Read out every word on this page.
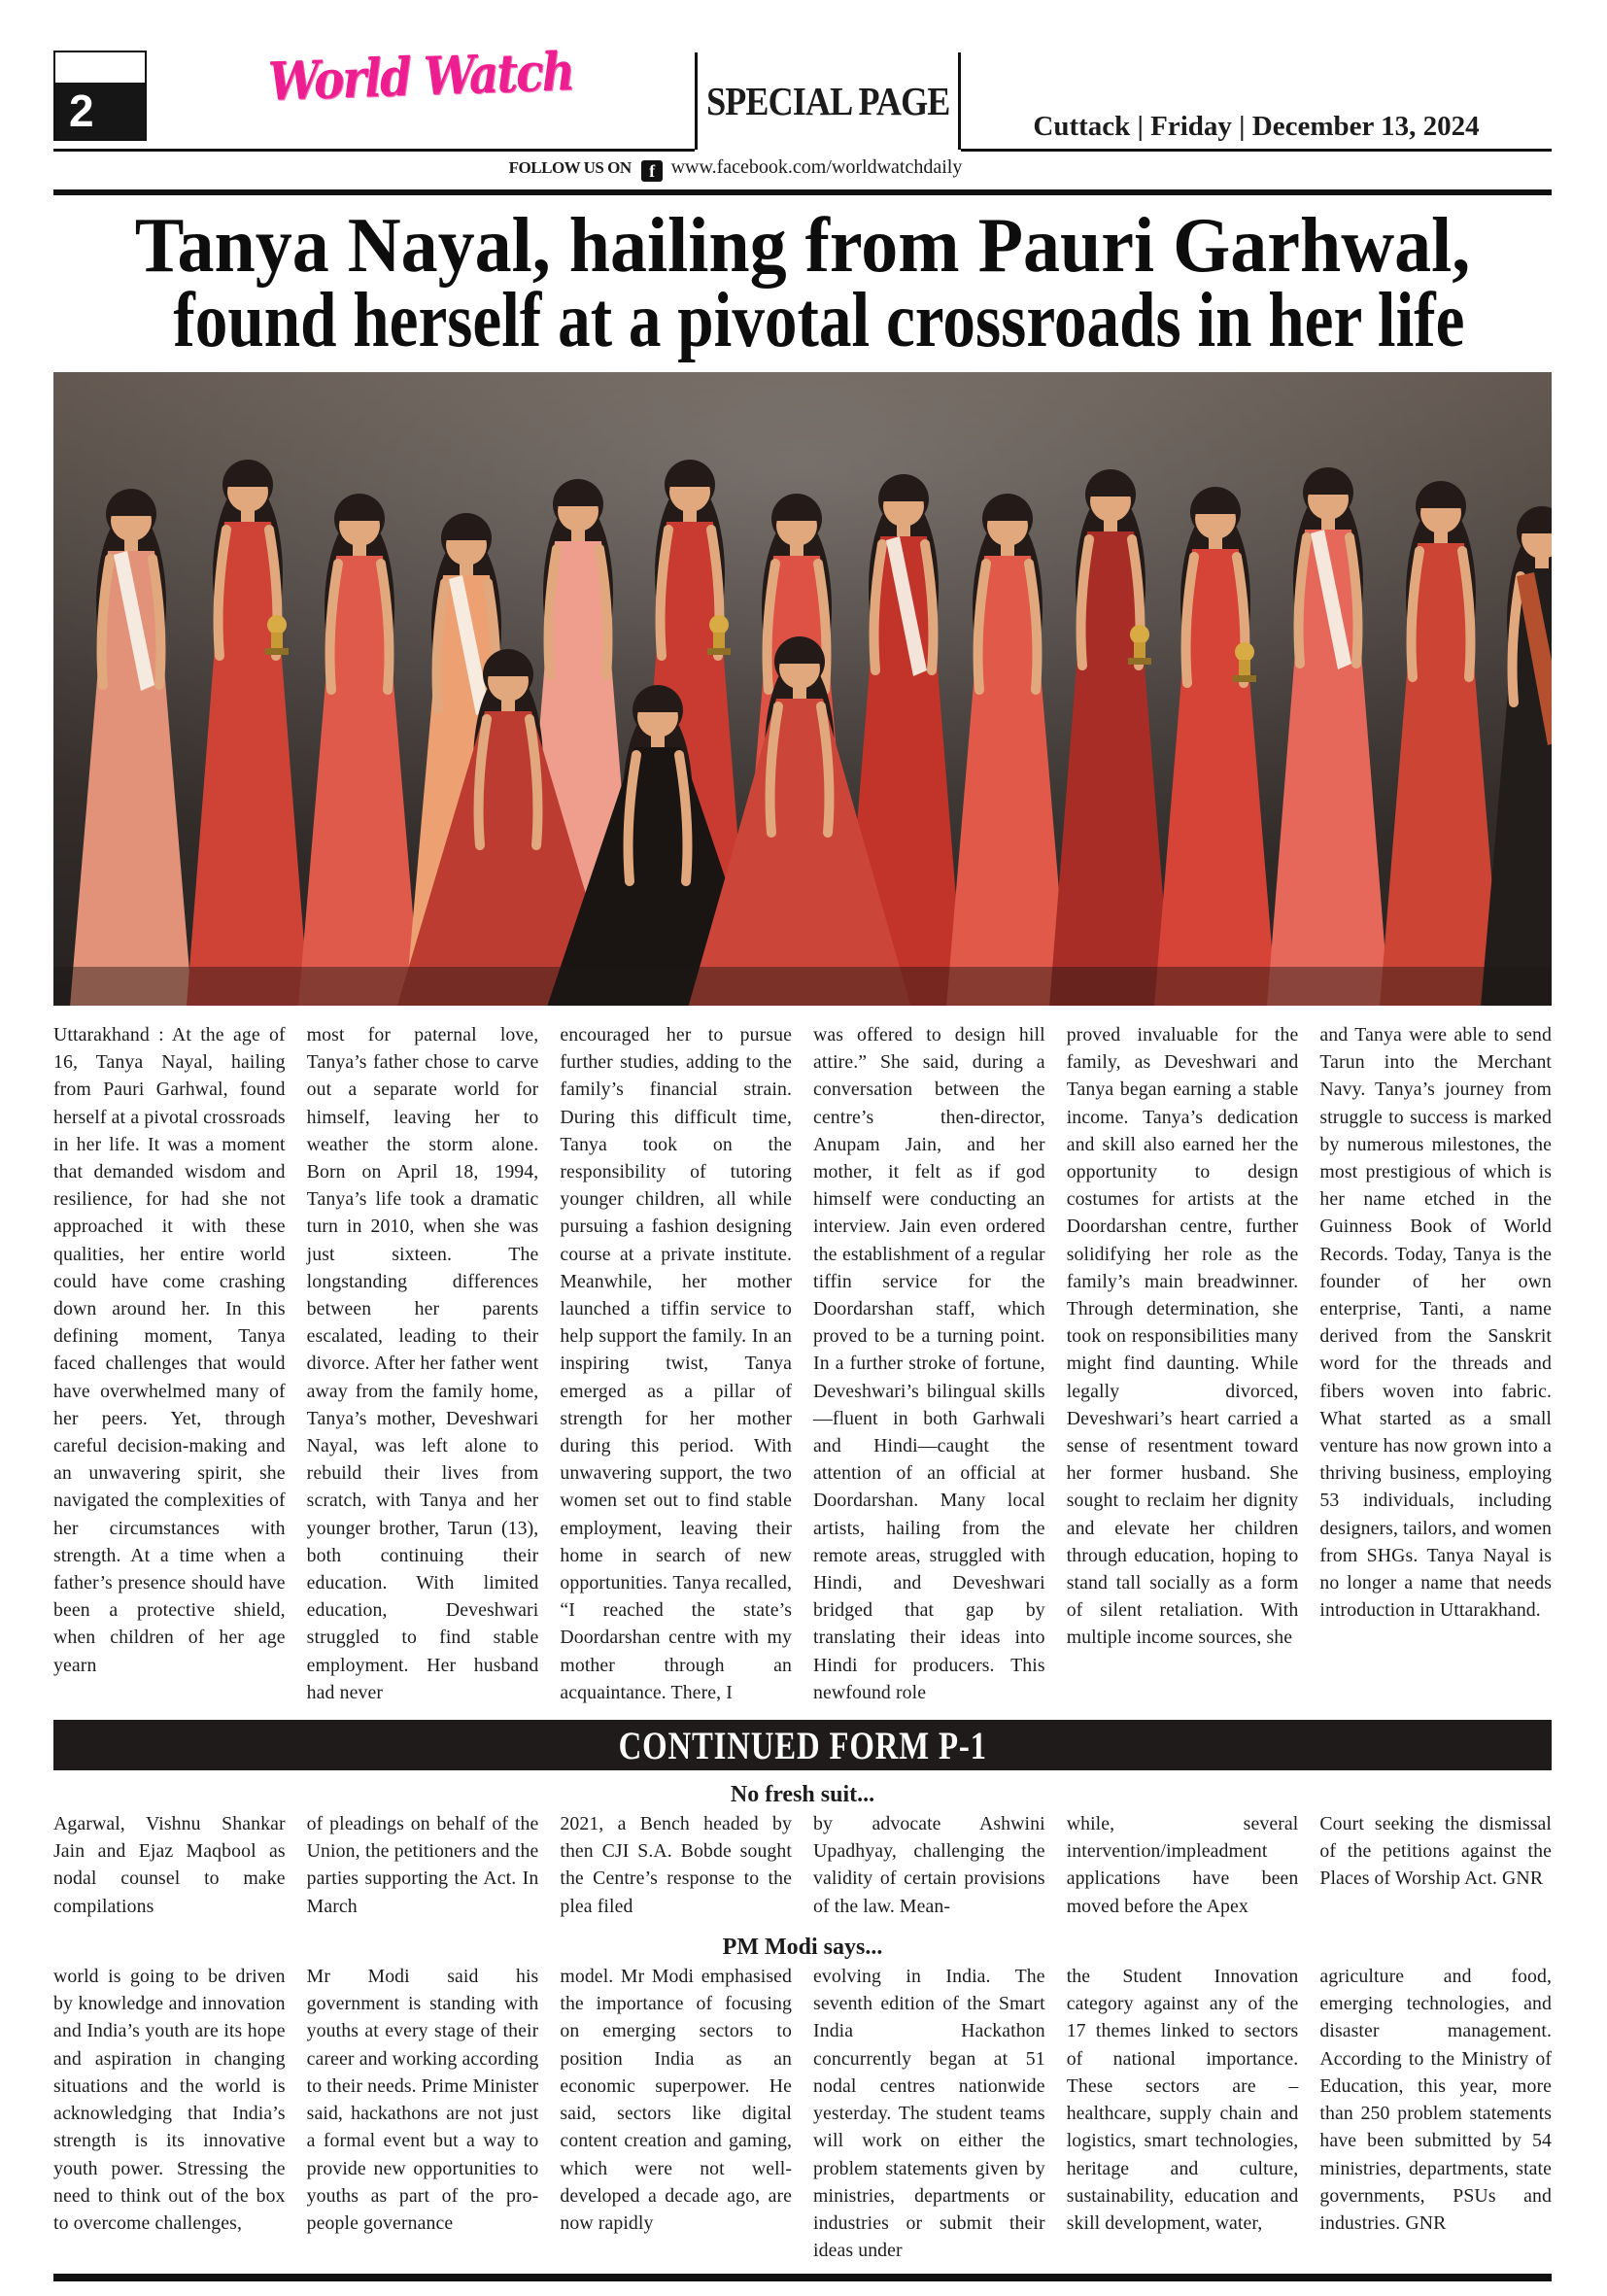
2	World Watch	SPECIAL PAGE
Cuttack | Friday | December 13, 2024
FOLLOW US ON f www.facebook.com/worldwatchdaily
Tanya Nayal, hailing from Pauri Garhwal,
found herself at a pivotal crossroads in her life
Uttarakhand : At the age of 16, Tanya Nayal, hailing from Pauri Garhwal, found herself at a pivotal crossroads in her life. It was a moment that demanded wisdom and resilience, for had she not approached it with these qualities, her entire world could have come crashing down around her. In this defining moment, Tanya faced challenges that would have overwhelmed many of her peers. Yet, through careful decision-making and an unwavering spirit, she navigated the complexities of her circumstances with strength. At a time when a father’s presence should have been a protective shield, when children of her age yearn
most for paternal love, Tanya’s father chose to carve out a separate world for himself, leaving her to weather the storm alone. Born on April 18, 1994, Tanya’s life took a dramatic turn in 2010, when she was just sixteen. The longstanding differences between her parents escalated, leading to their divorce. After her father went away from the family home, Tanya’s mother, Deveshwari Nayal, was left alone to rebuild their lives from scratch, with Tanya and her younger brother, Tarun (13), both continuing their education. With limited education, Deveshwari struggled to find stable employment. Her husband had never
encouraged her to pursue further studies, adding to the family’s financial strain. During this difficult time, Tanya took on the responsibility of tutoring younger children, all while pursuing a fashion designing course at a private institute. Meanwhile, her mother launched a tiffin service to help support the family. In an inspiring twist, Tanya emerged as a pillar of strength for her mother during this period. With unwavering support, the two women set out to find stable employment, leaving their home in search of new opportunities. Tanya recalled, “I reached the state’s Doordarshan centre with my mother through an acquaintance. There, I
was offered to design hill attire.” She said, during a conversation between the centre’s then-director, Anupam Jain, and her mother, it felt as if god himself were conducting an interview. Jain even ordered the establishment of a regular tiffin service for the Doordarshan staff, which proved to be a turning point. In a further stroke of fortune, Deveshwari’s bilingual skills—fluent in both Garhwali and Hindi—caught the attention of an official at Doordarshan. Many local artists, hailing from the remote areas, struggled with Hindi, and Deveshwari bridged that gap by translating their ideas into Hindi for producers. This newfound role
proved invaluable for the family, as Deveshwari and Tanya began earning a stable income. Tanya’s dedication and skill also earned her the opportunity to design costumes for artists at the Doordarshan centre, further solidifying her role as the family’s main breadwinner. Through determination, she took on responsibilities many might find daunting. While legally divorced, Deveshwari’s heart carried a sense of resentment toward her former husband. She sought to reclaim her dignity and elevate her children through education, hoping to stand tall socially as a form of silent retaliation. With multiple income sources, she
and Tanya were able to send Tarun into the Merchant Navy. Tanya’s journey from struggle to success is marked by numerous milestones, the most prestigious of which is her name etched in the Guinness Book of World Records. Today, Tanya is the founder of her own enterprise, Tanti, a name derived from the Sanskrit word for the threads and fibers woven into fabric. What started as a small venture has now grown into a thriving business, employing 53 individuals, including designers, tailors, and women from SHGs. Tanya Nayal is no longer a name that needs introduction in Uttarakhand.
CONTINUED FORM P-1
No fresh suit...
Agarwal, Vishnu Shankar Jain and Ejaz Maqbool as nodal counsel to make compilations
of pleadings on behalf of the Union, the petitioners and the parties supporting the Act. In March
2021, a Bench headed by then CJI S.A. Bobde sought the Centre’s response to the plea filed
by advocate Ashwini Upadhyay, challenging the validity of certain provisions of the law. Mean-
while, several intervention/impleadment applications have been moved before the Apex
Court seeking the dismissal of the petitions against the Places of Worship Act. GNR
PM Modi says...
world is going to be driven by knowledge and innovation and India’s youth are its hope and aspiration in changing situations and the world is acknowledging that India’s strength is its innovative youth power. Stressing the need to think out of the box to overcome challenges,
Mr Modi said his government is standing with youths at every stage of their career and working according to their needs. Prime Minister said, hackathons are not just a formal event but a way to provide new opportunities to youths as part of the pro-people governance
model. Mr Modi emphasised the importance of focusing on emerging sectors to position India as an economic superpower. He said, sectors like digital content creation and gaming, which were not well-developed a decade ago, are now rapidly
evolving in India. The seventh edition of the Smart India Hackathon concurrently began at 51 nodal centres nationwide yesterday. The student teams will work on either the problem statements given by ministries, departments or industries or submit their ideas under
the Student Innovation category against any of the 17 themes linked to sectors of national importance. These sectors are – healthcare, supply chain and logistics, smart technologies, heritage and culture, sustainability, education and skill development, water,
agriculture and food, emerging technologies, and disaster management. According to the Ministry of Education, this year, more than 250 problem statements have been submitted by 54 ministries, departments, state governments, PSUs and industries. GNR
